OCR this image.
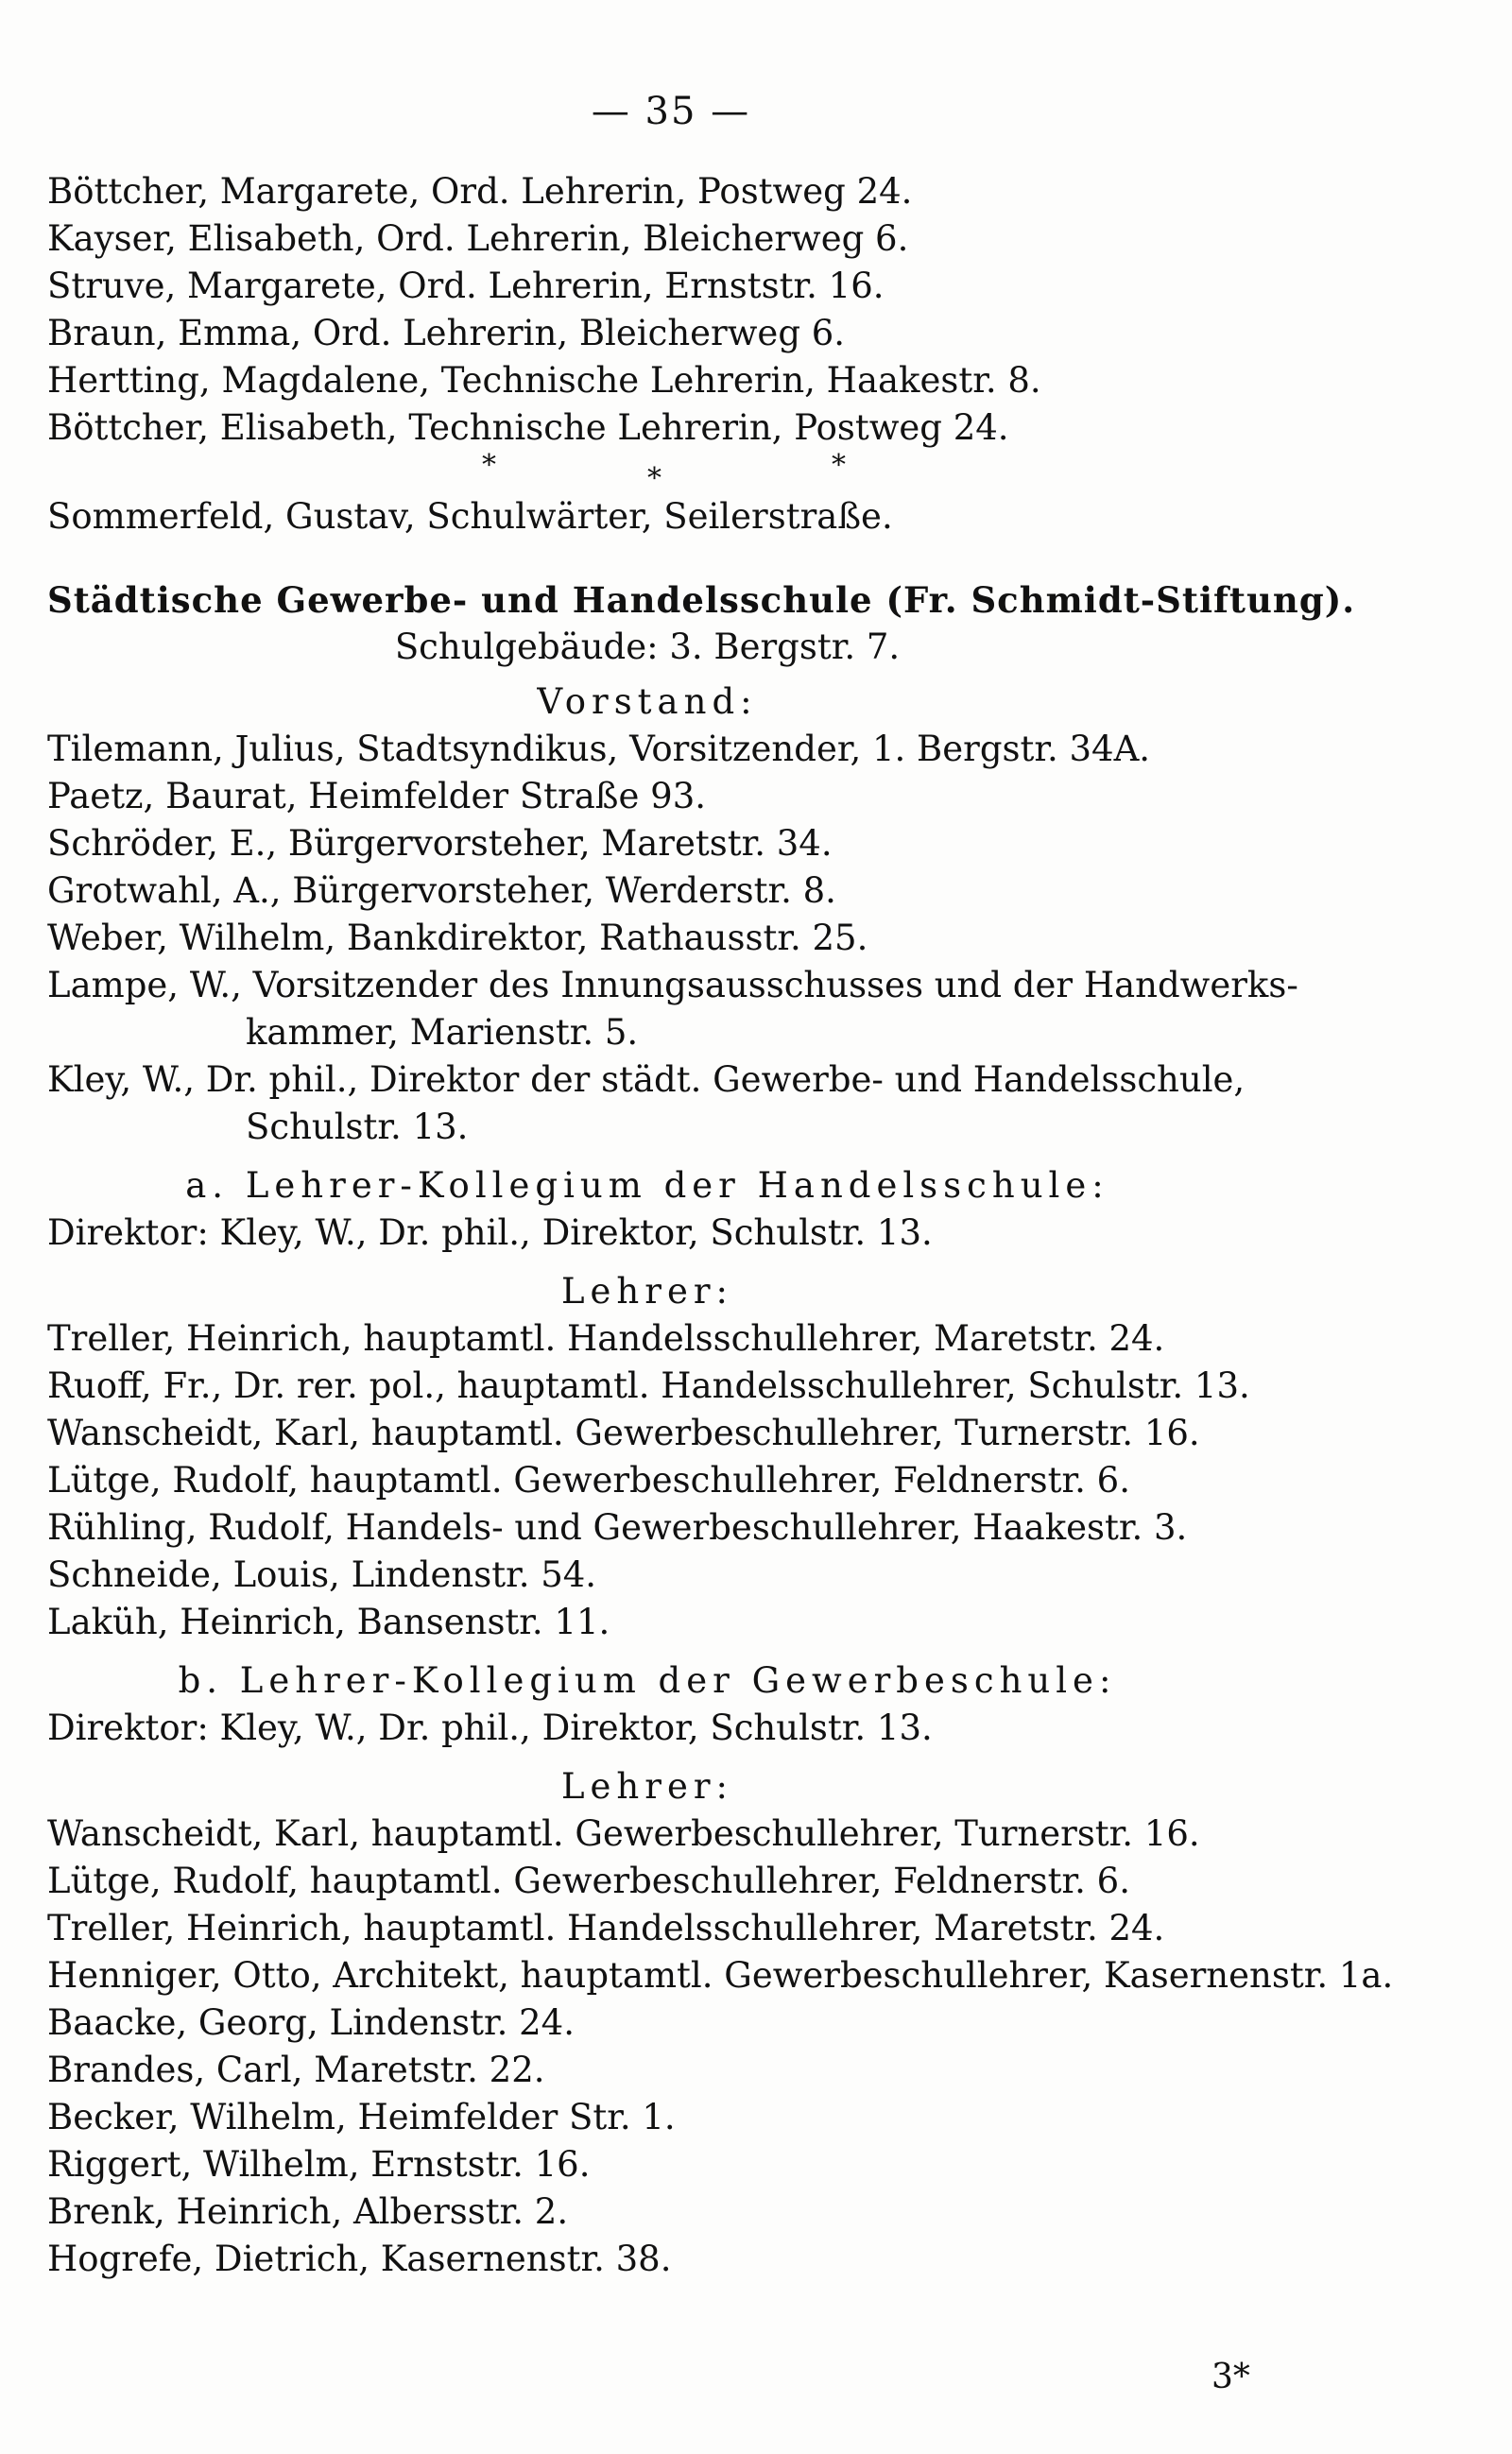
— 35 —
Böttcher, Margarete, Ord. Lehrerin, Postweg 24.
Kayser, Elisabeth, Ord. Lehrerin, Bleicherweg 6.
Struve, Margarete, Ord. Lehrerin, Ernststr. 16.
Braun, Emma, Ord. Lehrerin, Bleicherweg 6.
Hertting, Magdalene, Technische Lehrerin, Haakestr. 8.
Böttcher, Elisabeth, Technische Lehrerin, Postweg 24.
*	*	*
Sommerfeld, Gustav, Schulwärter, Seilerstraße.
Städtische Gewerbe- und Handelsschule (Fr. Schmidt-Stiftung).
Schulgebäude: 3. Bergstr. 7.
Vorstand:
Tilemann, Julius, Stadtsyndikus, Vorsitzender, 1. Bergstr. 34A.
Paetz, Baurat, Heimfelder Straße 93.
Schröder, E., Bürgervorsteher, Maretstr. 34.
Grotwahl, A., Bürgervorsteher, Werderstr. 8.
Weber, Wilhelm, Bankdirektor, Rathausstr. 25.
Lampe, W., Vorsitzender des Innungsausschusses und der Handwerks-
kammer, Marienstr. 5.
Kley, W., Dr. phil., Direktor der städt. Gewerbe- und Handelsschule,
Schulstr. 13.
a. Lehrer-Kollegium der Handelsschule:
Direktor: Kley, W., Dr. phil., Direktor, Schulstr. 13.
Lehrer:
Treller, Heinrich, hauptamtl. Handelsschullehrer, Maretstr. 24.
Ruoff, Fr., Dr. rer. pol., hauptamtl. Handelsschullehrer, Schulstr. 13.
Wanscheidt, Karl, hauptamtl. Gewerbeschullehrer, Turnerstr. 16.
Lütge, Rudolf, hauptamtl. Gewerbeschullehrer, Feldnerstr. 6.
Rühling, Rudolf, Handels- und Gewerbeschullehrer, Haakestr. 3.
Schneide, Louis, Lindenstr. 54.
Laküh, Heinrich, Bansenstr. 11.
b. Lehrer-Kollegium der Gewerbeschule:
Direktor: Kley, W., Dr. phil., Direktor, Schulstr. 13.
Lehrer:
Wanscheidt, Karl, hauptamtl. Gewerbeschullehrer, Turnerstr. 16.
Lütge, Rudolf, hauptamtl. Gewerbeschullehrer, Feldnerstr. 6.
Treller, Heinrich, hauptamtl. Handelsschullehrer, Maretstr. 24.
Henniger, Otto, Architekt, hauptamtl. Gewerbeschullehrer, Kasernenstr. 1a.
Baacke, Georg, Lindenstr. 24.
Brandes, Carl, Maretstr. 22.
Becker, Wilhelm, Heimfelder Str. 1.
Riggert, Wilhelm, Ernststr. 16.
Brenk, Heinrich, Albersstr. 2.
Hogrefe, Dietrich, Kasernenstr. 38.
3*
